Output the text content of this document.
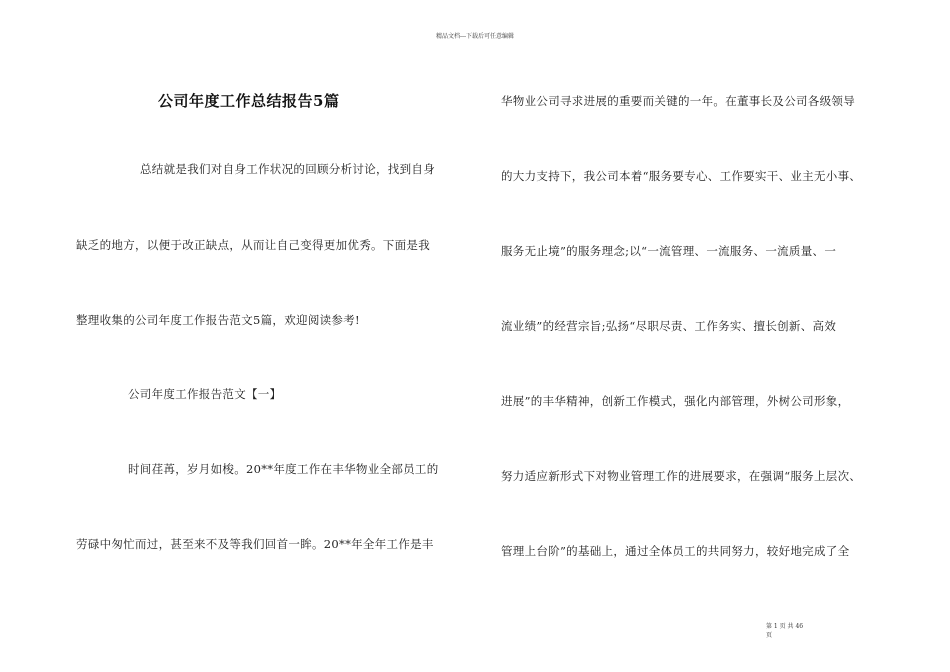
精品文档---下载后可任意编辑
公司年度工作总结报告5篇
总结就是我们对自身工作状况的回顾分析讨论，找到自身
缺乏的地方，以便于改正缺点，从而让自己变得更加优秀。下面是我
整理收集的公司年度工作报告范文5篇，欢迎阅读参考!
公司年度工作报告范文【一】
时间荏苒，岁月如梭。20**年度工作在丰华物业全部员工的
劳碌中匆忙而过，甚至来不及等我们回首一眸。20**年全年工作是丰
华物业公司寻求进展的重要而关键的一年。在董事长及公司各级领导
的大力支持下，我公司本着“服务要专心、工作要实干、业主无小事、
服务无止境”的服务理念;以“一流管理、一流服务、一流质量、一
流业绩”的经营宗旨;弘扬“尽职尽责、工作务实、擅长创新、高效
进展”的丰华精神，创新工作模式，强化内部管理，外树公司形象，
努力适应新形式下对物业管理工作的进展要求，在强调“服务上层次、
管理上台阶”的基础上，通过全体员工的共同努力，较好地完成了全
第 1 页 共 46
页
